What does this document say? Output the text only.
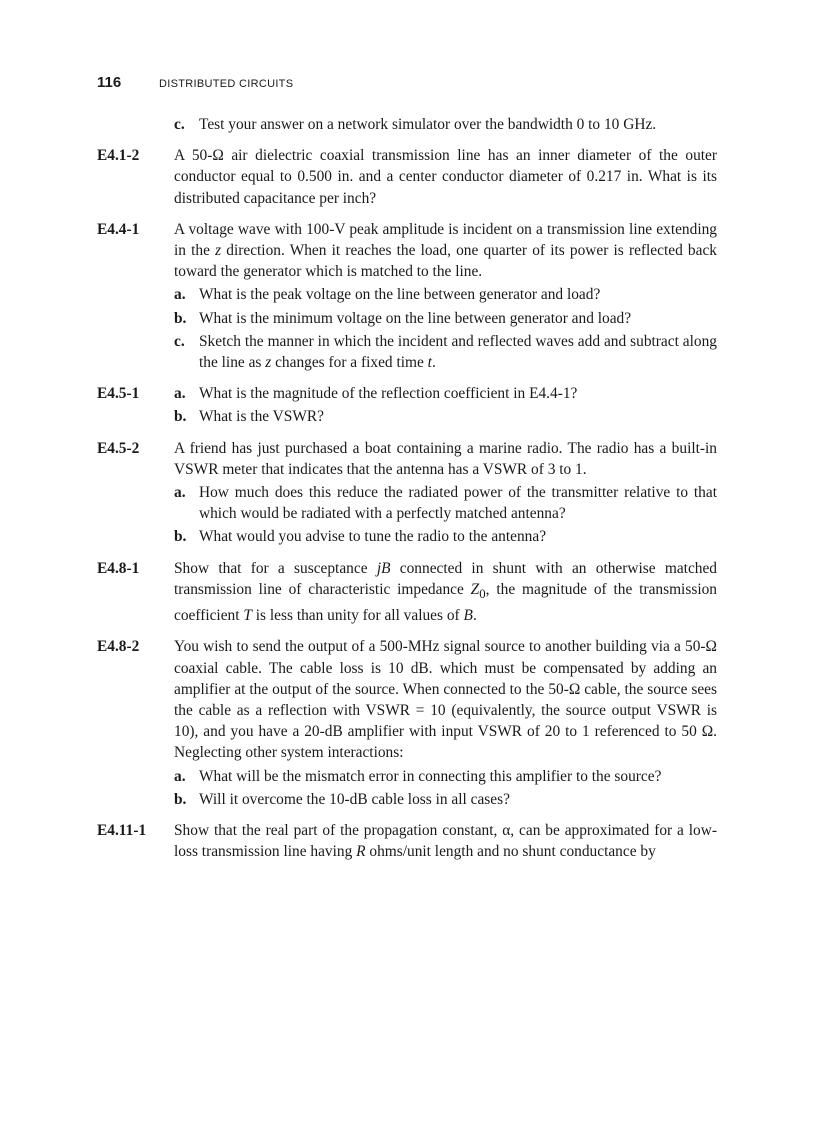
116	DISTRIBUTED CIRCUITS
c. Test your answer on a network simulator over the bandwidth 0 to 10 GHz.
E4.1-2	A 50-Ω air dielectric coaxial transmission line has an inner diameter of the outer conductor equal to 0.500 in. and a center conductor diameter of 0.217 in. What is its distributed capacitance per inch?
E4.4-1	A voltage wave with 100-V peak amplitude is incident on a transmission line extending in the z direction. When it reaches the load, one quarter of its power is reflected back toward the generator which is matched to the line.
a. What is the peak voltage on the line between generator and load?
b. What is the minimum voltage on the line between generator and load?
c. Sketch the manner in which the incident and reflected waves add and subtract along the line as z changes for a fixed time t.
E4.5-1	a. What is the magnitude of the reflection coefficient in E4.4-1?
b. What is the VSWR?
E4.5-2	A friend has just purchased a boat containing a marine radio. The radio has a built-in VSWR meter that indicates that the antenna has a VSWR of 3 to 1.
a. How much does this reduce the radiated power of the transmitter relative to that which would be radiated with a perfectly matched antenna?
b. What would you advise to tune the radio to the antenna?
E4.8-1	Show that for a susceptance jB connected in shunt with an otherwise matched transmission line of characteristic impedance $Z_0$, the magnitude of the transmission coefficient T is less than unity for all values of B.
E4.8-2	You wish to send the output of a 500-MHz signal source to another building via a 50-Ω coaxial cable. The cable loss is 10 dB. which must be compensated by adding an amplifier at the output of the source. When connected to the 50-Ω cable, the source sees the cable as a reflection with VSWR = 10 (equivalently, the source output VSWR is 10), and you have a 20-dB amplifier with input VSWR of 20 to 1 referenced to 50 Ω. Neglecting other system interactions:
a. What will be the mismatch error in connecting this amplifier to the source?
b. Will it overcome the 10-dB cable loss in all cases?
E4.11-1	Show that the real part of the propagation constant, α, can be approximated for a low-loss transmission line having R ohms/unit length and no shunt conductance by
